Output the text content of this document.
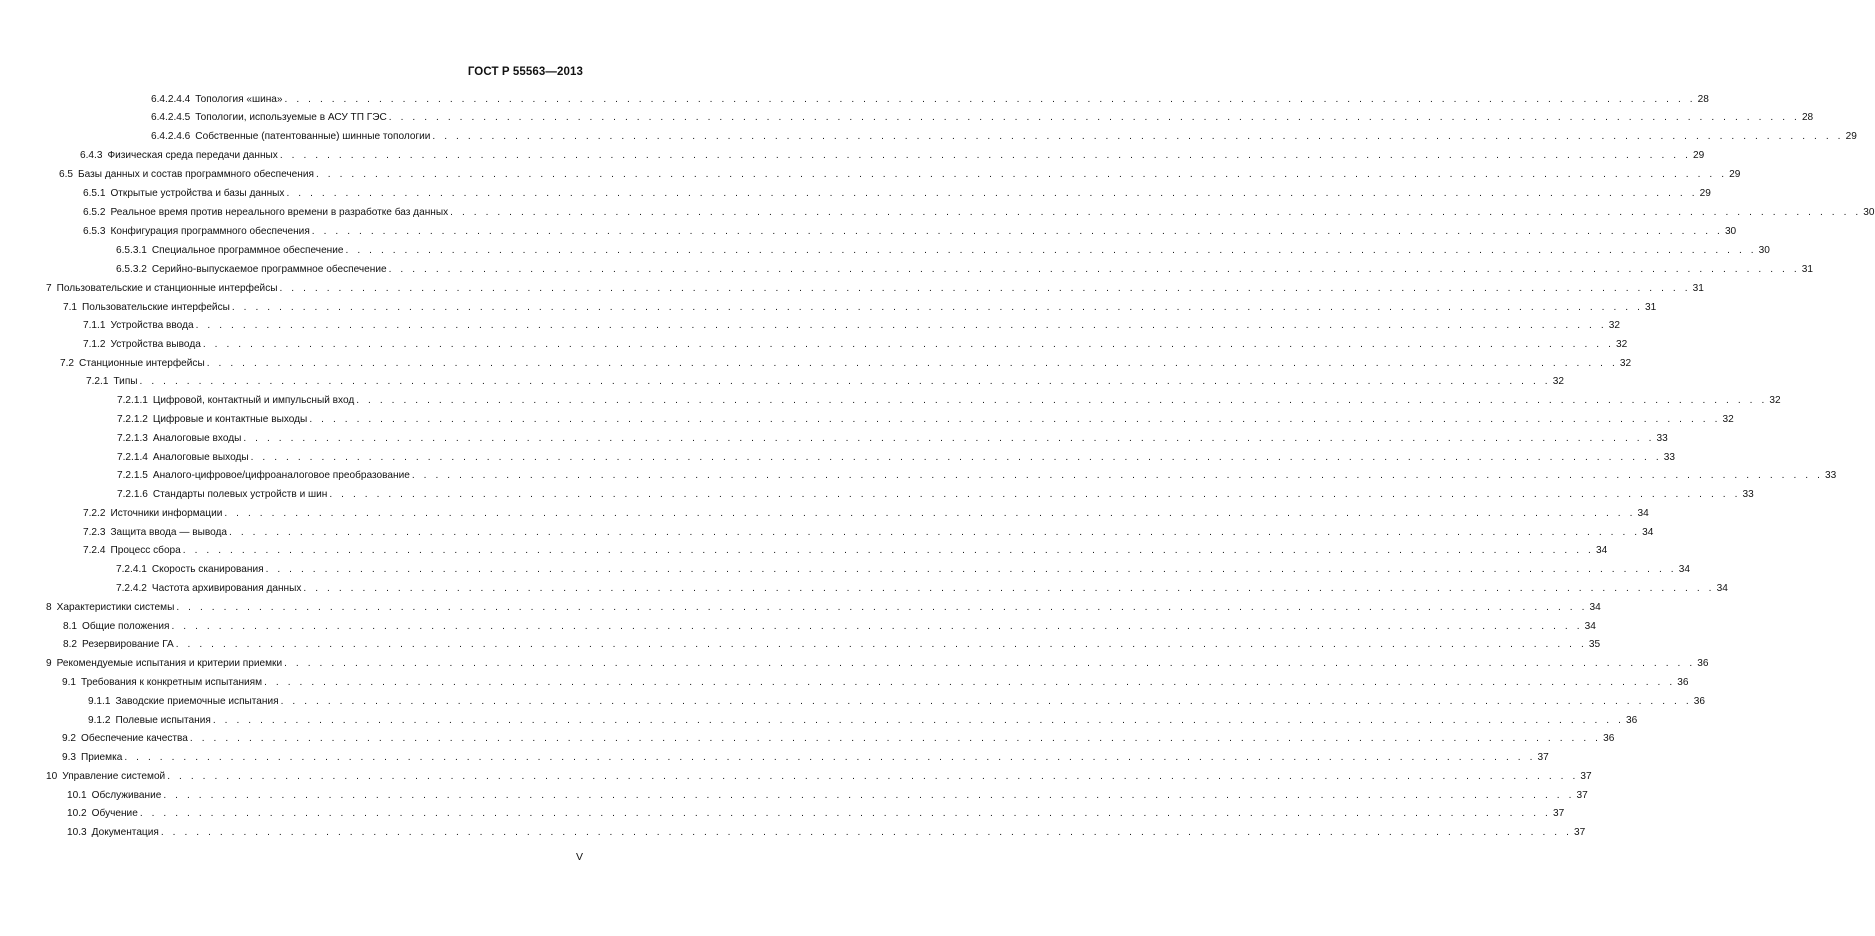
ГОСТ Р 55563—2013
6.4.2.4.4 Топология «шина» . . . . . . . . . . . . . . . . . . . . . . . . . . . . . . . . . . . . . . . . . . . . . . . . . . . . . . . . . . . . . . . . . . . . . . . . . . . . . . . . . . . . . . . . . . . . . . . . . . . . . . . . . . . . . . . . . . . . . . . . 28
6.4.2.4.5 Топологии, используемые в АСУ ТП ГЭС . . . . . . . . . . . . . . . . . . . . . . . . . . . . . . . . . . . . . . . . . . . . . . . . . . . . . . . . . . . . . . . . . . . . . . . . . . . . . . . . . . . . . . . . . . . . . . . . . . . . . . . . . . . . . . . . . . . . . . . . 28
6.4.2.4.6 Собственные (патентованные) шинные топологии . . . . . . . . . . . . . . . . . . . . . . . . . . . . . . . . . . . . . . . . . . . . . . . . . . . . . . . . . . . . . . . . . . . . . . . . . . . . . . . . . . . . . . . . . . . . . . . . . . . . . . . . . . . . . . . . . . . . . . . . 29
6.4.3 Физическая среда передачи данных . . . . . . . . . . . . . . . . . . . . . . . . . . . . . . . . . . . . . . . . . . . . . . . . . . . . . . . . . . . . . . . . . . . . . . . . . . . . . . . . . . . . . . . . . . . . . . . . . . . . . . . . . . . . . . . . . . . . . . . . 29
6.5 Базы данных и состав программного обеспечения . . . . . . . . . . . . . . . . . . . . . . . . . . . . . . . . . . . . . . . . . . . . . . . . . . . . . . . . . . . . . . . . . . . . . . . . . . . . . . . . . . . . . . . . . . . . . . . . . . . . . . . . . . . . . . . . . . . . . . . . 29
6.5.1 Открытые устройства и базы данных . . . . . . . . . . . . . . . . . . . . . . . . . . . . . . . . . . . . . . . . . . . . . . . . . . . . . . . . . . . . . . . . . . . . . . . . . . . . . . . . . . . . . . . . . . . . . . . . . . . . . . . . . . . . . . . . . . . . . . . . 29
6.5.2 Реальное время против нереального времени в разработке баз данных . . . . . . . . . . . . . . . . . . . . . . . . . . . . . . . . . . . . . . . . . . . . . . . . . . . . . . . . . . . . . . . . . . . . . . . . . . . . . . . . . . . . . . . . . . . . . . . . . . . . . . . . . . . . . . . . . . . . . . . . 30
6.5.3 Конфигурация программного обеспечения . . . . . . . . . . . . . . . . . . . . . . . . . . . . . . . . . . . . . . . . . . . . . . . . . . . . . . . . . . . . . . . . . . . . . . . . . . . . . . . . . . . . . . . . . . . . . . . . . . . . . . . . . . . . . . . . . . . . . . . . 30
6.5.3.1 Специальное программное обеспечение . . . . . . . . . . . . . . . . . . . . . . . . . . . . . . . . . . . . . . . . . . . . . . . . . . . . . . . . . . . . . . . . . . . . . . . . . . . . . . . . . . . . . . . . . . . . . . . . . . . . . . . . . . . . . . . . . . . . . . . . 30
6.5.3.2 Серийно-выпускаемое программное обеспечение . . . . . . . . . . . . . . . . . . . . . . . . . . . . . . . . . . . . . . . . . . . . . . . . . . . . . . . . . . . . . . . . . . . . . . . . . . . . . . . . . . . . . . . . . . . . . . . . . . . . . . . . . . . . . . . . . . . . . . . . 31
7 Пользовательские и станционные интерфейсы . . . . . . . . . . . . . . . . . . . . . . . . . . . . . . . . . . . . . . . . . . . . . . . . . . . . . . . . . . . . . . . . . . . . . . . . . . . . . . . . . . . . . . . . . . . . . . . . . . . . . . . . . . . . . . . . . . . . . . . . 31
7.1 Пользовательские интерфейсы . . . . . . . . . . . . . . . . . . . . . . . . . . . . . . . . . . . . . . . . . . . . . . . . . . . . . . . . . . . . . . . . . . . . . . . . . . . . . . . . . . . . . . . . . . . . . . . . . . . . . . . . . . . . . . . . . . . . . . . . 31
7.1.1 Устройства ввода . . . . . . . . . . . . . . . . . . . . . . . . . . . . . . . . . . . . . . . . . . . . . . . . . . . . . . . . . . . . . . . . . . . . . . . . . . . . . . . . . . . . . . . . . . . . . . . . . . . . . . . . . . . . . . . . . . . . . . . . 32
7.1.2 Устройства вывода . . . . . . . . . . . . . . . . . . . . . . . . . . . . . . . . . . . . . . . . . . . . . . . . . . . . . . . . . . . . . . . . . . . . . . . . . . . . . . . . . . . . . . . . . . . . . . . . . . . . . . . . . . . . . . . . . . . . . . . . 32
7.2 Станционные интерфейсы . . . . . . . . . . . . . . . . . . . . . . . . . . . . . . . . . . . . . . . . . . . . . . . . . . . . . . . . . . . . . . . . . . . . . . . . . . . . . . . . . . . . . . . . . . . . . . . . . . . . . . . . . . . . . . . . . . . . . . . . 32
7.2.1 Типы . . . . . . . . . . . . . . . . . . . . . . . . . . . . . . . . . . . . . . . . . . . . . . . . . . . . . . . . . . . . . . . . . . . . . . . . . . . . . . . . . . . . . . . . . . . . . . . . . . . . . . . . . . . . . . . . . . . . . . . . 32
7.2.1.1 Цифровой, контактный и импульсный вход . . . . . . . . . . . . . . . . . . . . . . . . . . . . . . . . . . . . . . . . . . . . . . . . . . . . . . . . . . . . . . . . . . . . . . . . . . . . . . . . . . . . . . . . . . . . . . . . . . . . . . . . . . . . . . . . . . . . . . . . 32
7.2.1.2 Цифровые и контактные выходы . . . . . . . . . . . . . . . . . . . . . . . . . . . . . . . . . . . . . . . . . . . . . . . . . . . . . . . . . . . . . . . . . . . . . . . . . . . . . . . . . . . . . . . . . . . . . . . . . . . . . . . . . . . . . . . . . . . . . . . . 32
7.2.1.3 Аналоговые входы . . . . . . . . . . . . . . . . . . . . . . . . . . . . . . . . . . . . . . . . . . . . . . . . . . . . . . . . . . . . . . . . . . . . . . . . . . . . . . . . . . . . . . . . . . . . . . . . . . . . . . . . . . . . . . . . . . . . . . . . 33
7.2.1.4 Аналоговые выходы . . . . . . . . . . . . . . . . . . . . . . . . . . . . . . . . . . . . . . . . . . . . . . . . . . . . . . . . . . . . . . . . . . . . . . . . . . . . . . . . . . . . . . . . . . . . . . . . . . . . . . . . . . . . . . . . . . . . . . . . 33
7.2.1.5 Аналого-цифровое/цифроаналоговое преобразование . . . . . . . . . . . . . . . . . . . . . . . . . . . . . . . . . . . . . . . . . . . . . . . . . . . . . . . . . . . . . . . . . . . . . . . . . . . . . . . . . . . . . . . . . . . . . . . . . . . . . . . . . . . . . . . . . . . . . . . . 33
7.2.1.6 Стандарты полевых устройств и шин . . . . . . . . . . . . . . . . . . . . . . . . . . . . . . . . . . . . . . . . . . . . . . . . . . . . . . . . . . . . . . . . . . . . . . . . . . . . . . . . . . . . . . . . . . . . . . . . . . . . . . . . . . . . . . . . . . . . . . . . 33
7.2.2 Источники информации . . . . . . . . . . . . . . . . . . . . . . . . . . . . . . . . . . . . . . . . . . . . . . . . . . . . . . . . . . . . . . . . . . . . . . . . . . . . . . . . . . . . . . . . . . . . . . . . . . . . . . . . . . . . . . . . . . . . . . . . 34
7.2.3 Защита ввода — вывода . . . . . . . . . . . . . . . . . . . . . . . . . . . . . . . . . . . . . . . . . . . . . . . . . . . . . . . . . . . . . . . . . . . . . . . . . . . . . . . . . . . . . . . . . . . . . . . . . . . . . . . . . . . . . . . . . . . . . . . . 34
7.2.4 Процесс сбора . . . . . . . . . . . . . . . . . . . . . . . . . . . . . . . . . . . . . . . . . . . . . . . . . . . . . . . . . . . . . . . . . . . . . . . . . . . . . . . . . . . . . . . . . . . . . . . . . . . . . . . . . . . . . . . . . . . . . . . . 34
7.2.4.1 Скорость сканирования . . . . . . . . . . . . . . . . . . . . . . . . . . . . . . . . . . . . . . . . . . . . . . . . . . . . . . . . . . . . . . . . . . . . . . . . . . . . . . . . . . . . . . . . . . . . . . . . . . . . . . . . . . . . . . . . . . . . . . . . 34
7.2.4.2 Частота архивирования данных . . . . . . . . . . . . . . . . . . . . . . . . . . . . . . . . . . . . . . . . . . . . . . . . . . . . . . . . . . . . . . . . . . . . . . . . . . . . . . . . . . . . . . . . . . . . . . . . . . . . . . . . . . . . . . . . . . . . . . . . 34
8 Характеристики системы . . . . . . . . . . . . . . . . . . . . . . . . . . . . . . . . . . . . . . . . . . . . . . . . . . . . . . . . . . . . . . . . . . . . . . . . . . . . . . . . . . . . . . . . . . . . . . . . . . . . . . . . . . . . . . . . . . . . . . . . 34
8.1 Общие положения . . . . . . . . . . . . . . . . . . . . . . . . . . . . . . . . . . . . . . . . . . . . . . . . . . . . . . . . . . . . . . . . . . . . . . . . . . . . . . . . . . . . . . . . . . . . . . . . . . . . . . . . . . . . . . . . . . . . . . . . 34
8.2 Резервирование ГА . . . . . . . . . . . . . . . . . . . . . . . . . . . . . . . . . . . . . . . . . . . . . . . . . . . . . . . . . . . . . . . . . . . . . . . . . . . . . . . . . . . . . . . . . . . . . . . . . . . . . . . . . . . . . . . . . . . . . . . . 35
9 Рекомендуемые испытания и критерии приемки . . . . . . . . . . . . . . . . . . . . . . . . . . . . . . . . . . . . . . . . . . . . . . . . . . . . . . . . . . . . . . . . . . . . . . . . . . . . . . . . . . . . . . . . . . . . . . . . . . . . . . . . . . . . . . . . . . . . . . . . 36
9.1 Требования к конкретным испытаниям . . . . . . . . . . . . . . . . . . . . . . . . . . . . . . . . . . . . . . . . . . . . . . . . . . . . . . . . . . . . . . . . . . . . . . . . . . . . . . . . . . . . . . . . . . . . . . . . . . . . . . . . . . . . . . . . . . . . . . . . 36
9.1.1 Заводские приемочные испытания . . . . . . . . . . . . . . . . . . . . . . . . . . . . . . . . . . . . . . . . . . . . . . . . . . . . . . . . . . . . . . . . . . . . . . . . . . . . . . . . . . . . . . . . . . . . . . . . . . . . . . . . . . . . . . . . . . . . . . . . 36
9.1.2 Полевые испытания . . . . . . . . . . . . . . . . . . . . . . . . . . . . . . . . . . . . . . . . . . . . . . . . . . . . . . . . . . . . . . . . . . . . . . . . . . . . . . . . . . . . . . . . . . . . . . . . . . . . . . . . . . . . . . . . . . . . . . . . 36
9.2 Обеспечение качества . . . . . . . . . . . . . . . . . . . . . . . . . . . . . . . . . . . . . . . . . . . . . . . . . . . . . . . . . . . . . . . . . . . . . . . . . . . . . . . . . . . . . . . . . . . . . . . . . . . . . . . . . . . . . . . . . . . . . . . . 36
9.3 Приемка . . . . . . . . . . . . . . . . . . . . . . . . . . . . . . . . . . . . . . . . . . . . . . . . . . . . . . . . . . . . . . . . . . . . . . . . . . . . . . . . . . . . . . . . . . . . . . . . . . . . . . . . . . . . . . . . . . . . . . . . 37
10 Управление системой . . . . . . . . . . . . . . . . . . . . . . . . . . . . . . . . . . . . . . . . . . . . . . . . . . . . . . . . . . . . . . . . . . . . . . . . . . . . . . . . . . . . . . . . . . . . . . . . . . . . . . . . . . . . . . . . . . . . . . . . 37
10.1 Обслуживание . . . . . . . . . . . . . . . . . . . . . . . . . . . . . . . . . . . . . . . . . . . . . . . . . . . . . . . . . . . . . . . . . . . . . . . . . . . . . . . . . . . . . . . . . . . . . . . . . . . . . . . . . . . . . . . . . . . . . . . . 37
10.2 Обучение . . . . . . . . . . . . . . . . . . . . . . . . . . . . . . . . . . . . . . . . . . . . . . . . . . . . . . . . . . . . . . . . . . . . . . . . . . . . . . . . . . . . . . . . . . . . . . . . . . . . . . . . . . . . . . . . . . . . . . . . 37
10.3 Документация . . . . . . . . . . . . . . . . . . . . . . . . . . . . . . . . . . . . . . . . . . . . . . . . . . . . . . . . . . . . . . . . . . . . . . . . . . . . . . . . . . . . . . . . . . . . . . . . . . . . . . . . . . . . . . . . . . . . . . . . 37
V
